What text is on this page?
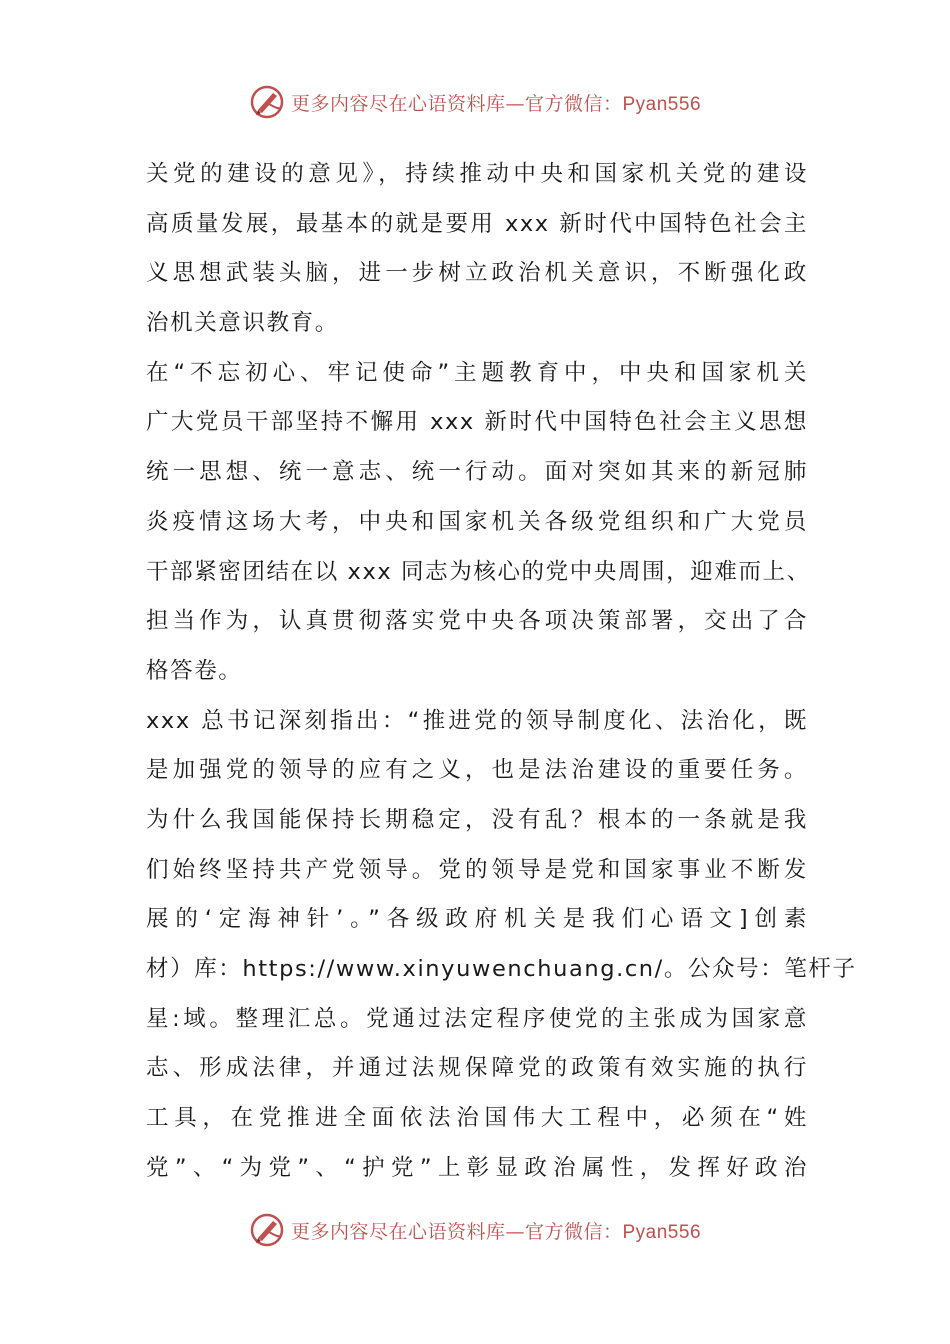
更多内容尽在心语资料库—官方微信：Pyan556
关党的建设的意见》，持续推动中央和国家机关党的建设
高质量发展，最基本的就是要用 xxx 新时代中国特色社会主
义思想武装头脑，进一步树立政治机关意识，不断强化政
治机关意识教育。
在“不忘初心、牢记使命”主题教育中，中央和国家机关
广大党员干部坚持不懈用 xxx 新时代中国特色社会主义思想
统一思想、统一意志、统一行动。面对突如其来的新冠肺
炎疫情这场大考，中央和国家机关各级党组织和广大党员
干部紧密团结在以 xxx 同志为核心的党中央周围，迎难而上、
担当作为，认真贯彻落实党中央各项决策部署，交出了合
格答卷。
xxx 总书记深刻指出：“推进党的领导制度化、法治化，既
是加强党的领导的应有之义，也是法治建设的重要任务。
为什么我国能保持长期稳定，没有乱？根本的一条就是我
们始终坚持共产党领导。党的领导是党和国家事业不断发
展的‘定海神针’。”各级政府机关是我们心语文]创素
材）库：https://www.xinyuwenchuang.cn/。公众号：笔杆子
星:域。整理汇总。党通过法定程序使党的主张成为国家意
志、形成法律，并通过法规保障党的政策有效实施的执行
工具，在党推进全面依法治国伟大工程中，必须在“姓
党”、“为党”、“护党”上彰显政治属性，发挥好政治
更多内容尽在心语资料库—官方微信：Pyan556
